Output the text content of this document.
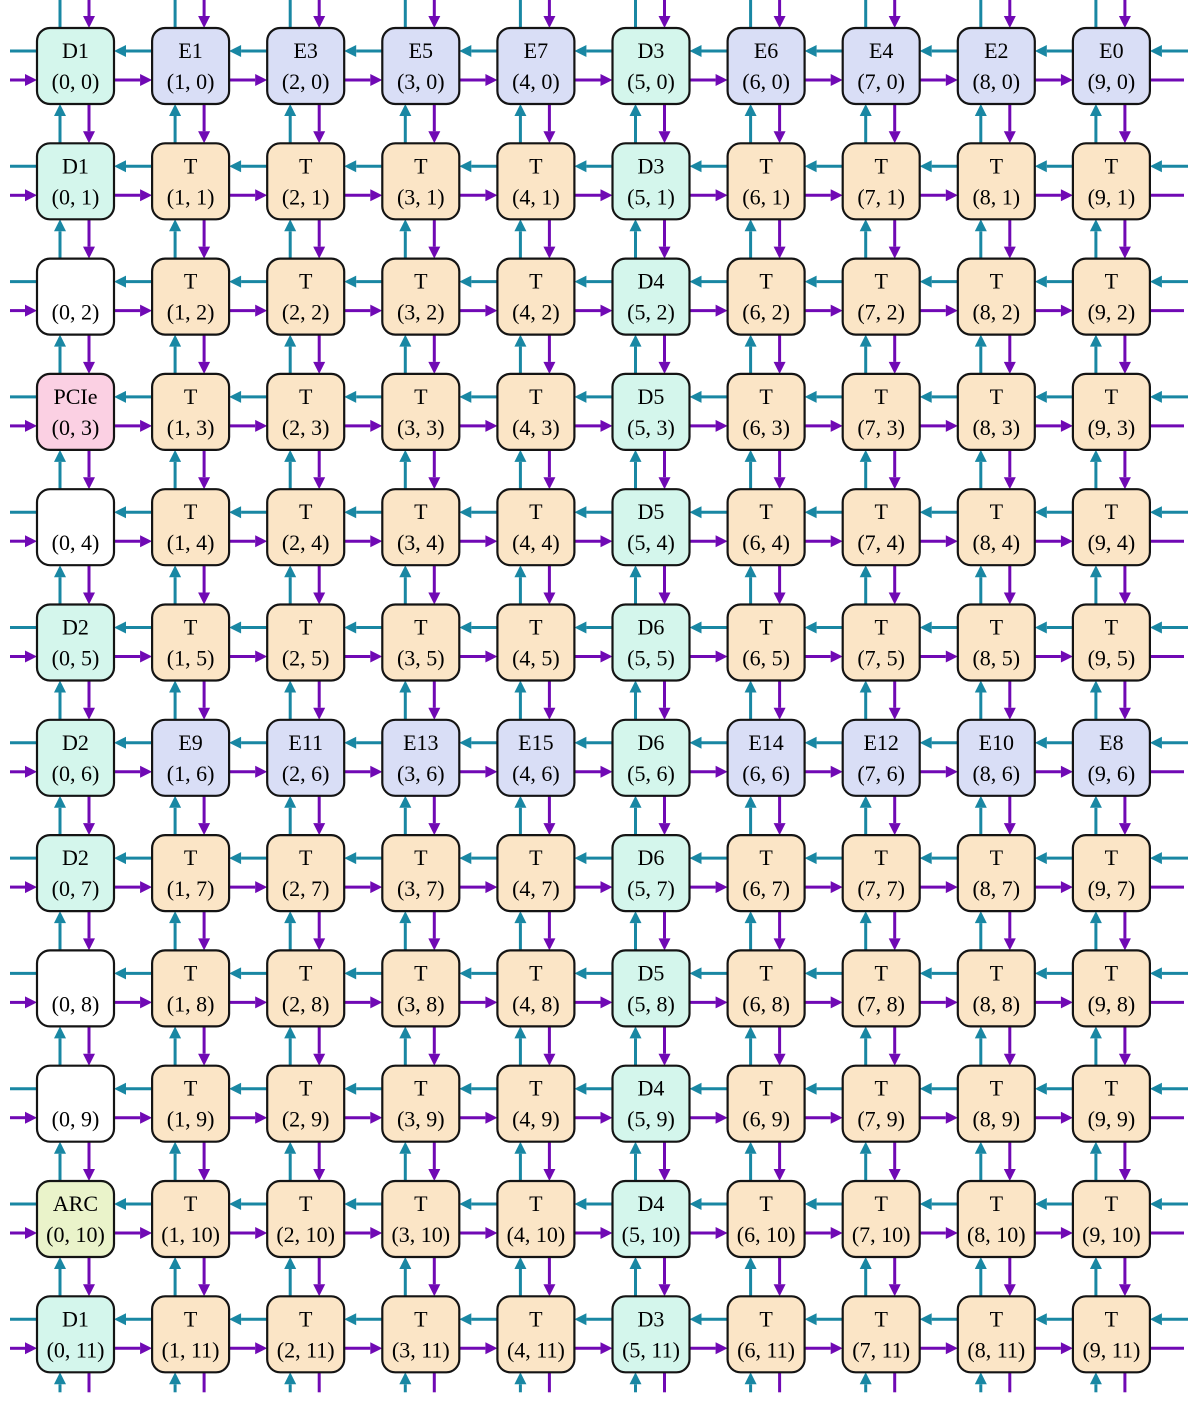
D1
(0, 0)
E1
(1, 0)
E3
(2, 0)
E5
(3, 0)
E7
(4, 0)
D3
(5, 0)
E6
(6, 0)
E4
(7, 0)
E2
(8, 0)
E0
(9, 0)
D1
(0, 1)
T
(1, 1)
T
(2, 1)
T
(3, 1)
T
(4, 1)
D3
(5, 1)
T
(6, 1)
T
(7, 1)
T
(8, 1)
T
(9, 1)
(0, 2)
T
(1, 2)
T
(2, 2)
T
(3, 2)
T
(4, 2)
D4
(5, 2)
T
(6, 2)
T
(7, 2)
T
(8, 2)
T
(9, 2)
PCIe
(0, 3)
T
(1, 3)
T
(2, 3)
T
(3, 3)
T
(4, 3)
D5
(5, 3)
T
(6, 3)
T
(7, 3)
T
(8, 3)
T
(9, 3)
(0, 4)
T
(1, 4)
T
(2, 4)
T
(3, 4)
T
(4, 4)
D5
(5, 4)
T
(6, 4)
T
(7, 4)
T
(8, 4)
T
(9, 4)
D2
(0, 5)
T
(1, 5)
T
(2, 5)
T
(3, 5)
T
(4, 5)
D6
(5, 5)
T
(6, 5)
T
(7, 5)
T
(8, 5)
T
(9, 5)
D2
(0, 6)
E9
(1, 6)
E11
(2, 6)
E13
(3, 6)
E15
(4, 6)
D6
(5, 6)
E14
(6, 6)
E12
(7, 6)
E10
(8, 6)
E8
(9, 6)
D2
(0, 7)
T
(1, 7)
T
(2, 7)
T
(3, 7)
T
(4, 7)
D6
(5, 7)
T
(6, 7)
T
(7, 7)
T
(8, 7)
T
(9, 7)
(0, 8)
T
(1, 8)
T
(2, 8)
T
(3, 8)
T
(4, 8)
D5
(5, 8)
T
(6, 8)
T
(7, 8)
T
(8, 8)
T
(9, 8)
(0, 9)
T
(1, 9)
T
(2, 9)
T
(3, 9)
T
(4, 9)
D4
(5, 9)
T
(6, 9)
T
(7, 9)
T
(8, 9)
T
(9, 9)
ARC
(0, 10)
T
(1, 10)
T
(2, 10)
T
(3, 10)
T
(4, 10)
D4
(5, 10)
T
(6, 10)
T
(7, 10)
T
(8, 10)
T
(9, 10)
D1
(0, 11)
T
(1, 11)
T
(2, 11)
T
(3, 11)
T
(4, 11)
D3
(5, 11)
T
(6, 11)
T
(7, 11)
T
(8, 11)
T
(9, 11)
